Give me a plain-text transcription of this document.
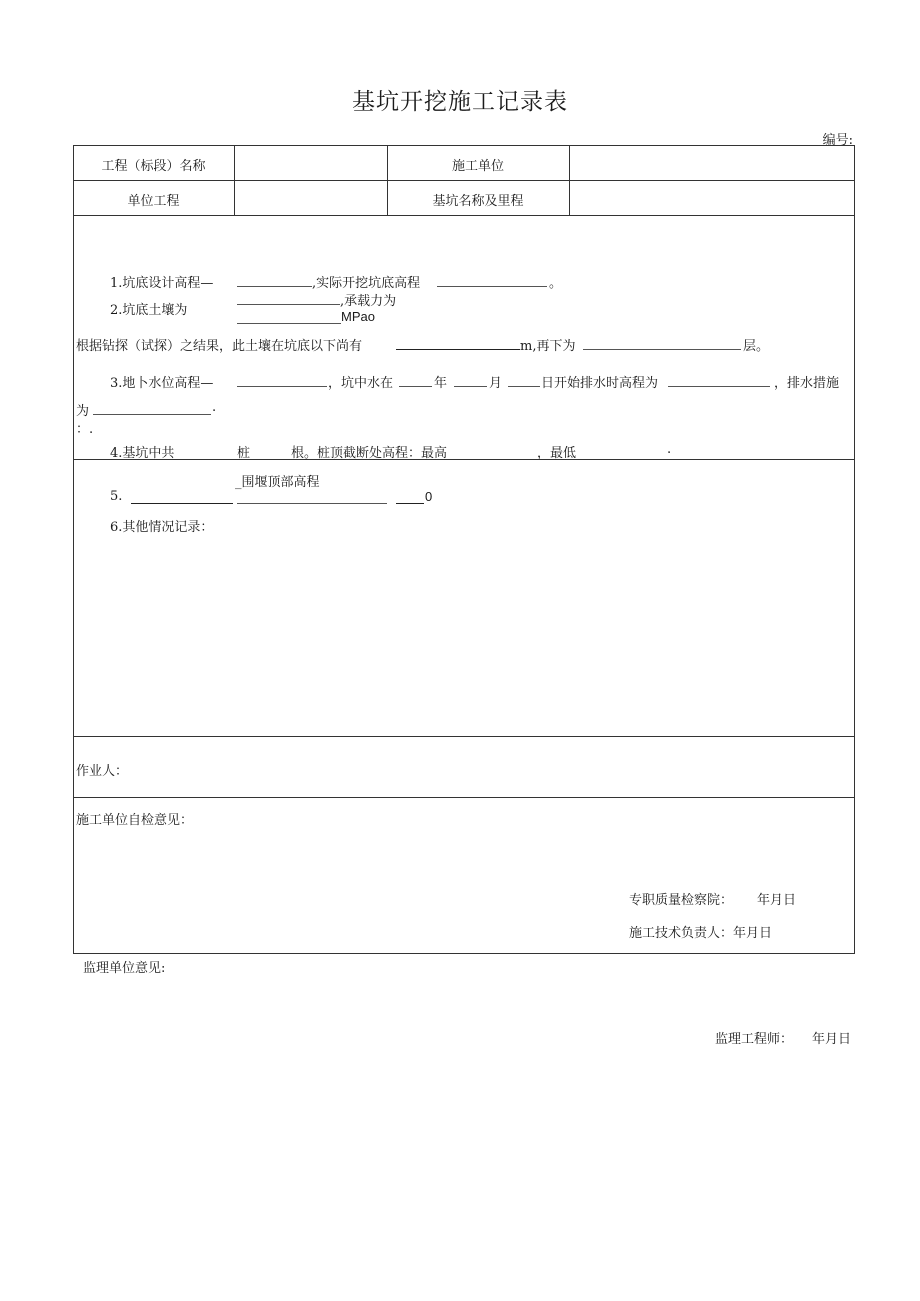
基坑开挖施工记录表
编号:
工程（标段）名称	施工单位
单位工程	基坑名称及里程
1.坑底设计高程—	,实际开挖坑底高程	。
2.坑底土壤为
,承载力为
MPao
根据钻探（试探）之结果，此土壤在坑底以下尚有	m,再下为	层。
3.地卜水位高程—	，坑中水在	年	月	日开始排水时高程为	，排水措施
为	.
：.
4.基坑中共	桩	根。桩顶截断处高程：最高	，最低	.
_围堰顶部高程
5.	0
6.其他情况记录：
作业人：
施工单位自检意见：
专职质量检察院： 年月日
施工技术负责人：年月日
监理单位意见:
监理工程师： 年月日
